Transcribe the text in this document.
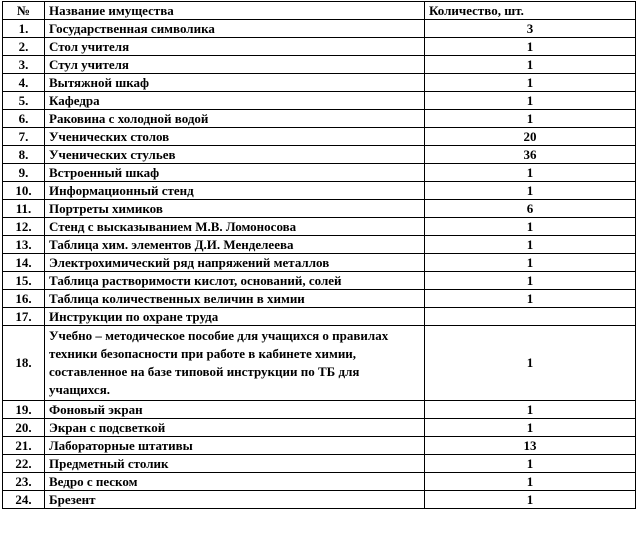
№	Название имущества	Количество, шт.
1.	Государственная символика	3
2.	Стол учителя	1
3.	Стул учителя	1
4.	Вытяжной шкаф	1
5.	Кафедра	1
6.	Раковина с холодной водой	1
7.	Ученических столов	20
8.	Ученических стульев	36
9.	Встроенный шкаф	1
10.	Информационный стенд	1
11.	Портреты химиков	6
12.	Стенд с высказыванием М.В. Ломоносова	1
13.	Таблица хим. элементов Д.И. Менделеева	1
14.	Электрохимический ряд напряжений металлов	1
15.	Таблица растворимости кислот, оснований, солей	1
16.	Таблица количественных величин в химии	1
17.	Инструкции по охране труда	
18.	Учебно – методическое пособие для учащихся о правилах техники безопасности при работе в кабинете химии, составленное на базе типовой инструкции по ТБ для учащихся.	1
19.	Фоновый экран	1
20.	Экран с подсветкой	1
21.	Лабораторные штативы	13
22.	Предметный столик	1
23.	Ведро с песком	1
24.	Брезент	1
